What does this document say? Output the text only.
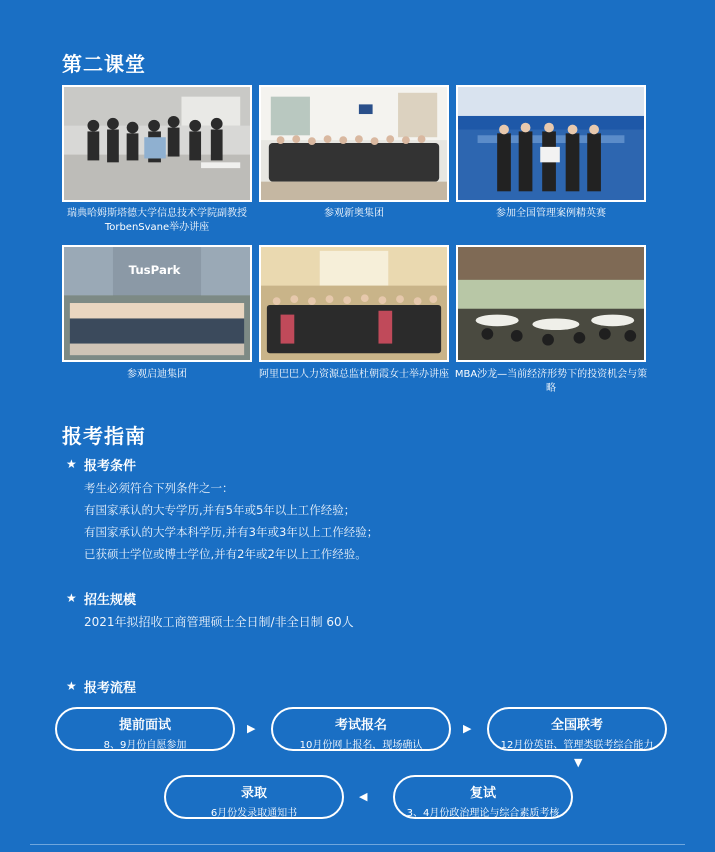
第二课堂
瑞典哈姆斯塔德大学信息技术学院副教授TorbenSvane举办讲座
参观新奥集团	参加全国管理案例精英赛
TusPark
参观启迪集团	阿里巴巴人力资源总监杜朝霞女士举办讲座 MBA沙龙—当前经济形势下的投资机会与策略
报考指南
★ 报考条件
考生必须符合下列条件之一：
有国家承认的大专学历,并有5年或5年以上工作经验；
有国家承认的大学本科学历,并有3年或3年以上工作经验；
已获硕士学位或博士学位,并有2年或2年以上工作经验。
★ 招生规模
2021年拟招收工商管理硕士全日制/非全日制 60人
★ 报考流程
提前面试
8、9月份自愿参加
▶	考试报名
10月份网上报名，现场确认
▶	全国联考
12月份英语、管理类联考综合能力
▼
复试
3、4月份政治理论与综合素质考核
◀
录取
6月份发录取通知书
